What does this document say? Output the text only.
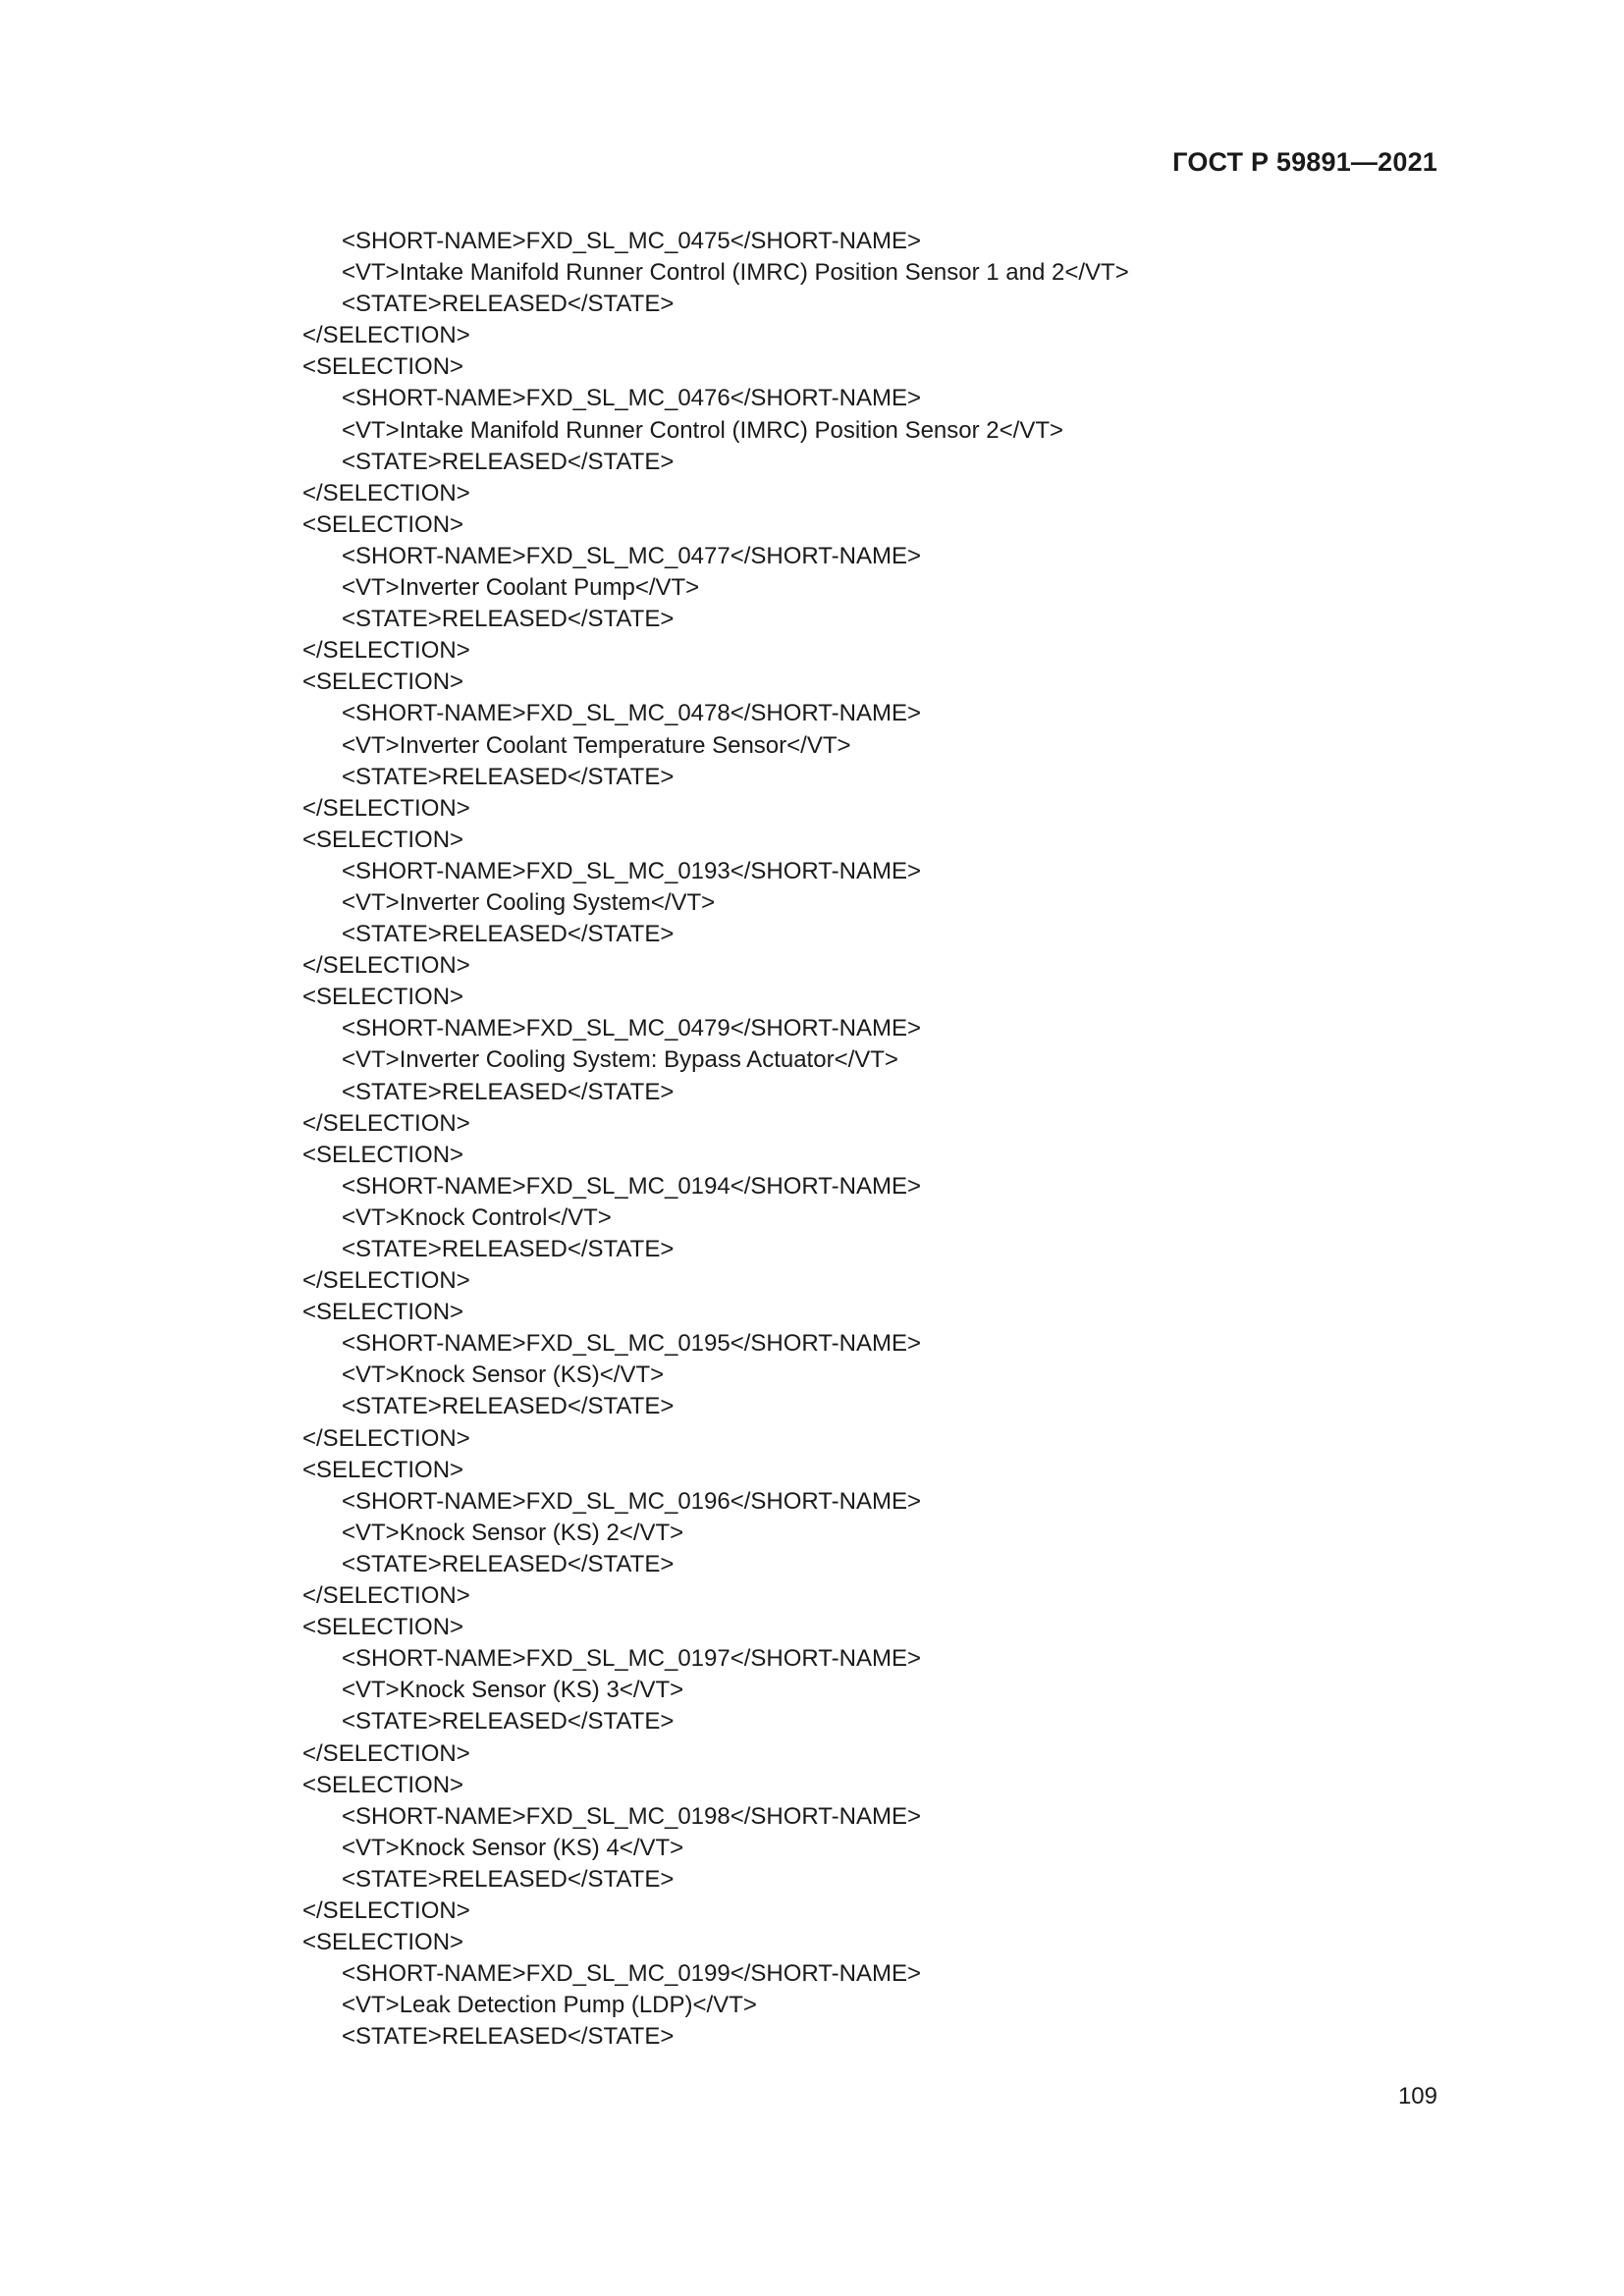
ГОСТ Р 59891—2021
<SHORT-NAME>FXD_SL_MC_0475</SHORT-NAME>
<VT>Intake Manifold Runner Control (IMRC) Position Sensor 1 and 2</VT>
<STATE>RELEASED</STATE>
</SELECTION>
<SELECTION>
<SHORT-NAME>FXD_SL_MC_0476</SHORT-NAME>
<VT>Intake Manifold Runner Control (IMRC) Position Sensor 2</VT>
<STATE>RELEASED</STATE>
</SELECTION>
<SELECTION>
<SHORT-NAME>FXD_SL_MC_0477</SHORT-NAME>
<VT>Inverter Coolant Pump</VT>
<STATE>RELEASED</STATE>
</SELECTION>
<SELECTION>
<SHORT-NAME>FXD_SL_MC_0478</SHORT-NAME>
<VT>Inverter Coolant Temperature Sensor</VT>
<STATE>RELEASED</STATE>
</SELECTION>
<SELECTION>
<SHORT-NAME>FXD_SL_MC_0193</SHORT-NAME>
<VT>Inverter Cooling System</VT>
<STATE>RELEASED</STATE>
</SELECTION>
<SELECTION>
<SHORT-NAME>FXD_SL_MC_0479</SHORT-NAME>
<VT>Inverter Cooling System: Bypass Actuator</VT>
<STATE>RELEASED</STATE>
</SELECTION>
<SELECTION>
<SHORT-NAME>FXD_SL_MC_0194</SHORT-NAME>
<VT>Knock Control</VT>
<STATE>RELEASED</STATE>
</SELECTION>
<SELECTION>
<SHORT-NAME>FXD_SL_MC_0195</SHORT-NAME>
<VT>Knock Sensor (KS)</VT>
<STATE>RELEASED</STATE>
</SELECTION>
<SELECTION>
<SHORT-NAME>FXD_SL_MC_0196</SHORT-NAME>
<VT>Knock Sensor (KS) 2</VT>
<STATE>RELEASED</STATE>
</SELECTION>
<SELECTION>
<SHORT-NAME>FXD_SL_MC_0197</SHORT-NAME>
<VT>Knock Sensor (KS) 3</VT>
<STATE>RELEASED</STATE>
</SELECTION>
<SELECTION>
<SHORT-NAME>FXD_SL_MC_0198</SHORT-NAME>
<VT>Knock Sensor (KS) 4</VT>
<STATE>RELEASED</STATE>
</SELECTION>
<SELECTION>
<SHORT-NAME>FXD_SL_MC_0199</SHORT-NAME>
<VT>Leak Detection Pump (LDP)</VT>
<STATE>RELEASED</STATE>
109
